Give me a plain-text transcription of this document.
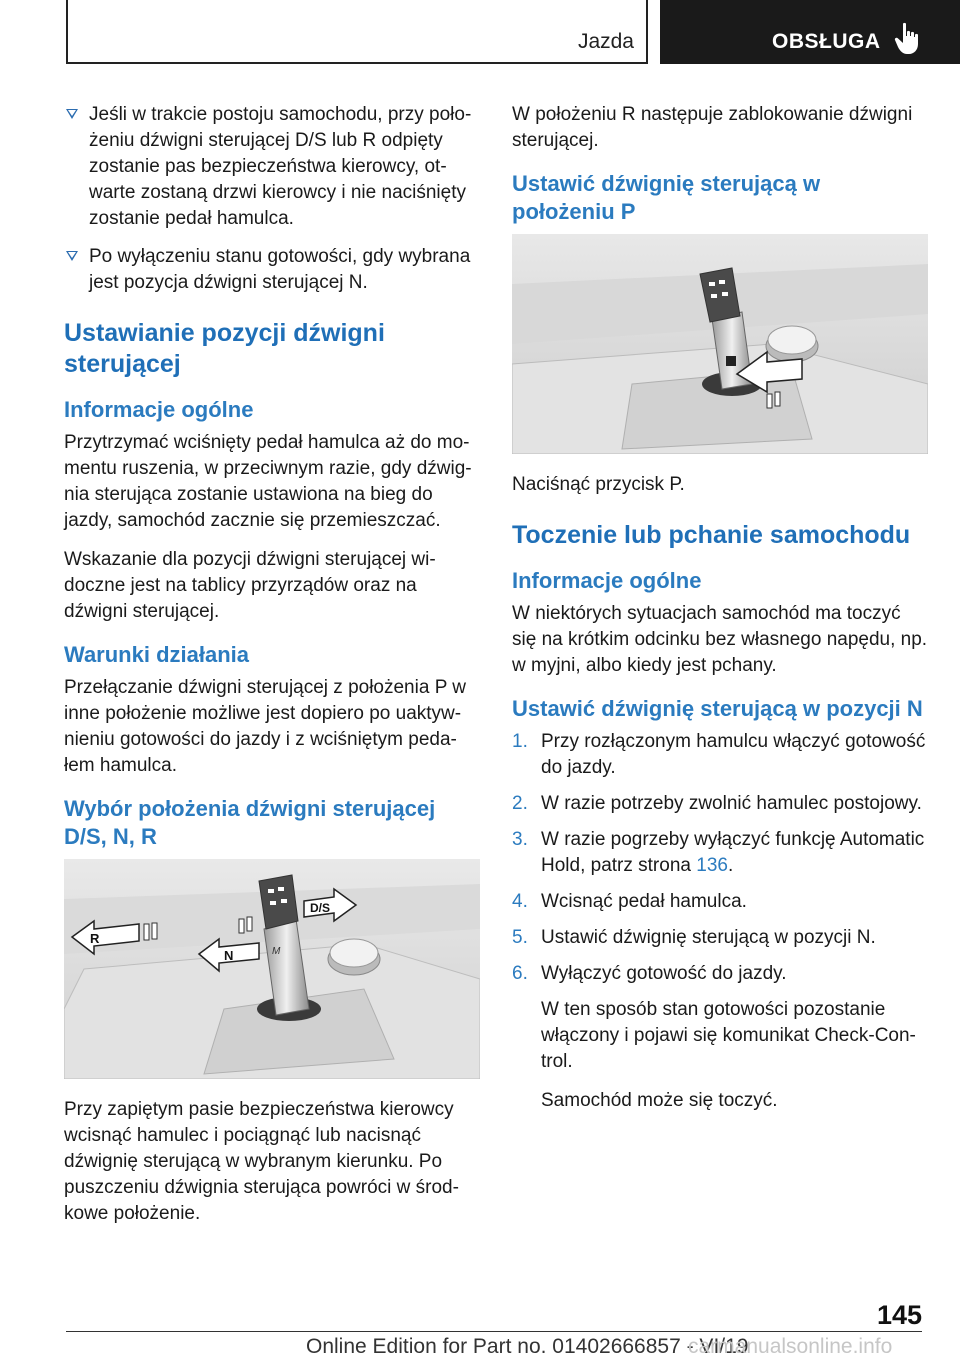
Jazda	OBSŁUGA
Jeśli w trakcie postoju samochodu, przy położeniu dźwigni sterującej D/S lub R odpięty zostanie pas bezpieczeństwa kierowcy, otwarte zostaną drzwi kierowcy i nie naciśnięty zostanie pedał hamulca.
Po wyłączeniu stanu gotowości, gdy wybrana jest pozycja dźwigni sterującej N.
Ustawianie pozycji dźwigni sterującej
Informacje ogólne

Przytrzymać wciśnięty pedał hamulca aż do momentu ruszenia, w przeciwnym razie, gdy dźwignia sterująca zostanie ustawiona na bieg do jazdy, samochód zacznie się przemieszczać.

Wskazanie dla pozycji dźwigni sterującej widoczne jest na tablicy przyrządów oraz na dźwigni sterującej.

Warunki działania

Przełączanie dźwigni sterującej z położenia P w inne położenie możliwe jest dopiero po uaktywnieniu gotowości do jazdy i z wciśniętym pedałem hamulca.

Wybór położenia dźwigni sterującej D/S, N, R
M
R
N
D/S

Przy zapiętym pasie bezpieczeństwa kierowcy wcisnąć hamulec i pociągnąć lub nacisnąć dźwignię sterującą w wybranym kierunku. Po puszczeniu dźwignia sterująca powróci w środkowe położenie.

W położeniu R następuje zablokowanie dźwigni sterującej.

Ustawić dźwignię sterującą w położeniu P

Naciśnąć przycisk P.

Toczenie lub pchanie samochodu
Informacje ogólne

W niektórych sytuacjach samochód ma toczyć się na krótkim odcinku bez własnego napędu, np. w myjni, albo kiedy jest pchany.

Ustawić dźwignię sterującą w pozycji N
1. Przy rozłączonym hamulcu włączyć gotowość do jazdy.
2. W razie potrzeby zwolnić hamulec postojowy.
3. W razie pogrzeby wyłączyć funkcję Automatic Hold, patrz strona 136.
4. Wcisnąć pedał hamulca.
5. Ustawić dźwignię sterującą w pozycji N.
6. Wyłączyć gotowość do jazdy.

W ten sposób stan gotowości pozostanie włączony i pojawi się komunikat Check-Control.

Samochód może się toczyć.

145
Online Edition for Part no. 01402666857 - VI/19
carmanualsonline.info
